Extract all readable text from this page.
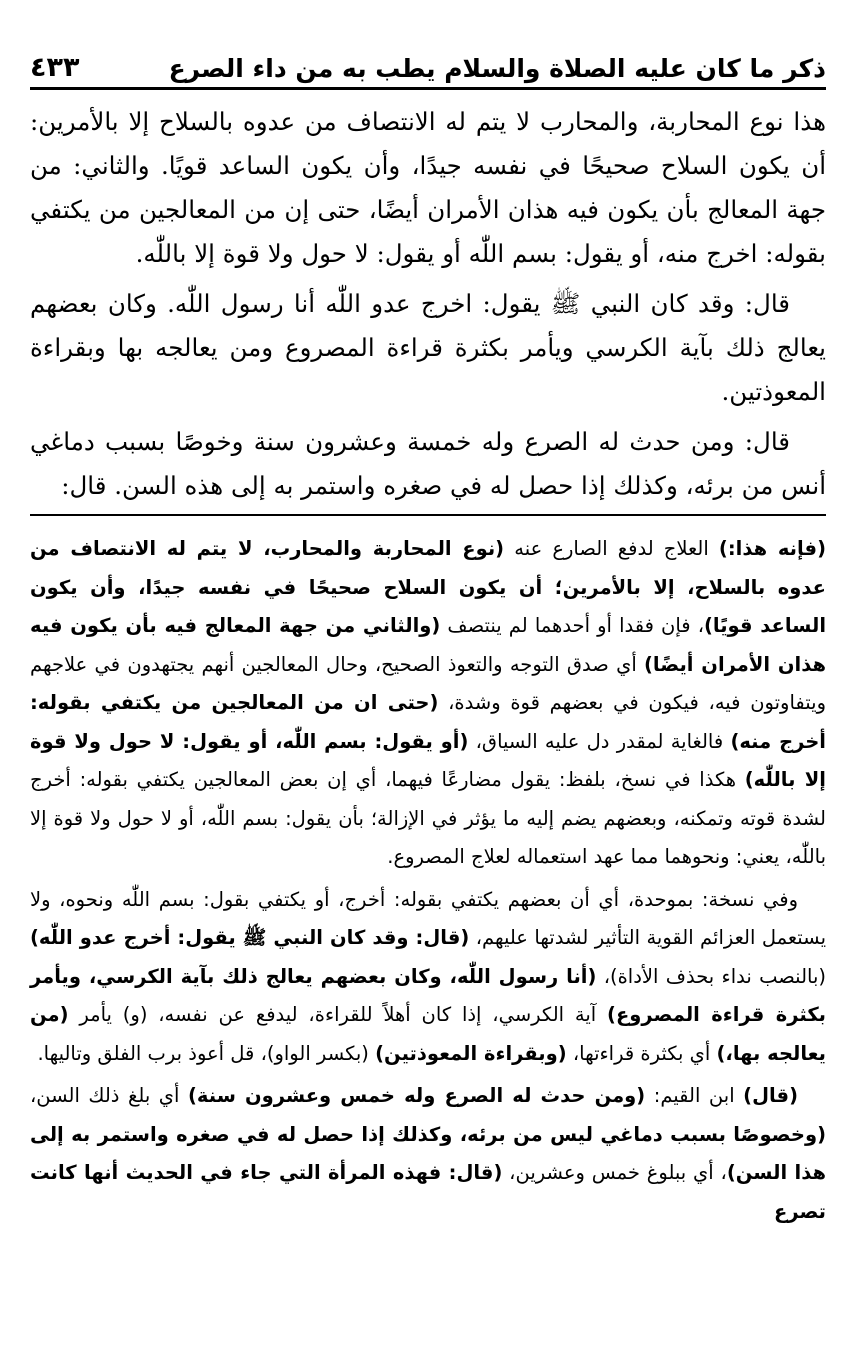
ذكر ما كان عليه الصلاة والسلام يطب به من داء الصرع
٤٣٣

هذا نوع المحاربة، والمحارب لا يتم له الانتصاف من عدوه بالسلاح إلا بالأمرين: أن يكون السلاح صحيحًا في نفسه جيدًا، وأن يكون الساعد قويًا. والثاني: من جهة المعالج بأن يكون فيه هذان الأمران أيضًا، حتى إن من المعالجين من يكتفي بقوله: اخرج منه، أو يقول: بسم اللّٰه أو يقول: لا حول ولا قوة إلا باللّٰه.

قال: وقد كان النبي ﷺ يقول: اخرج عدو اللّٰه أنا رسول اللّٰه. وكان بعضهم يعالج ذلك بآية الكرسي ويأمر بكثرة قراءة المصروع ومن يعالجه بها وبقراءة المعوذتين.

قال: ومن حدث له الصرع وله خمسة وعشرون سنة وخوصًا بسبب دماغي أنس من برئه، وكذلك إذا حصل له في صغره واستمر به إلى هذه السن. قال:

(فإنه هذا:) العلاج لدفع الصارع عنه (نوع المحاربة والمحارب، لا يتم له الانتصاف من عدوه بالسلاح، إلا بالأمرين؛ أن يكون السلاح صحيحًا في نفسه جيدًا، وأن يكون الساعد قويًا)، فإن فقدا أو أحدهما لم ينتصف (والثاني من جهة المعالج فيه بأن يكون فيه هذان الأمران أيضًا) أي صدق التوجه والتعوذ الصحيح، وحال المعالجين أنهم يجتهدون في علاجهم ويتفاوتون فيه، فيكون في بعضهم قوة وشدة، (حتى ان من المعالجين من يكتفي بقوله: أخرج منه) فالغاية لمقدر دل عليه السياق، (أو يقول: بسم اللّٰه، أو يقول: لا حول ولا قوة إلا باللّٰه) هكذا في نسخ، بلفظ: يقول مضارعًا فيهما، أي إن بعض المعالجين يكتفي بقوله: أخرج لشدة قوته وتمكنه، وبعضهم يضم إليه ما يؤثر في الإزالة؛ بأن يقول: بسم اللّٰه، أو لا حول ولا قوة إلا باللّٰه، يعني: ونحوهما مما عهد استعماله لعلاج المصروع.

وفي نسخة: بموحدة، أي أن بعضهم يكتفي بقوله: أخرج، أو يكتفي بقول: بسم اللّٰه ونحوه، ولا يستعمل العزائم القوية التأثير لشدتها عليهم، (قال: وقد كان النبي ﷺ يقول: أخرج عدو اللّٰه) (بالنصب نداء بحذف الأداة)، (أنا رسول اللّٰه، وكان بعضهم يعالج ذلك بآية الكرسي، ويأمر بكثرة قراءة المصروع) آية الكرسي، إذا كان أهلاً للقراءة، ليدفع عن نفسه، (و) يأمر (من يعالجه بها،) أي بكثرة قراءتها، (وبقراءة المعوذتين) (بكسر الواو)، قل أعوذ برب الفلق وتاليها.

(قال) ابن القيم: (ومن حدث له الصرع وله خمس وعشرون سنة) أي بلغ ذلك السن، (وخصوصًا بسبب دماغي ليس من برئه، وكذلك إذا حصل له في صغره واستمر به إلى هذا السن)، أي ببلوغ خمس وعشرين، (قال: فهذه المرأة التي جاء في الحديث أنها كانت تصرع
